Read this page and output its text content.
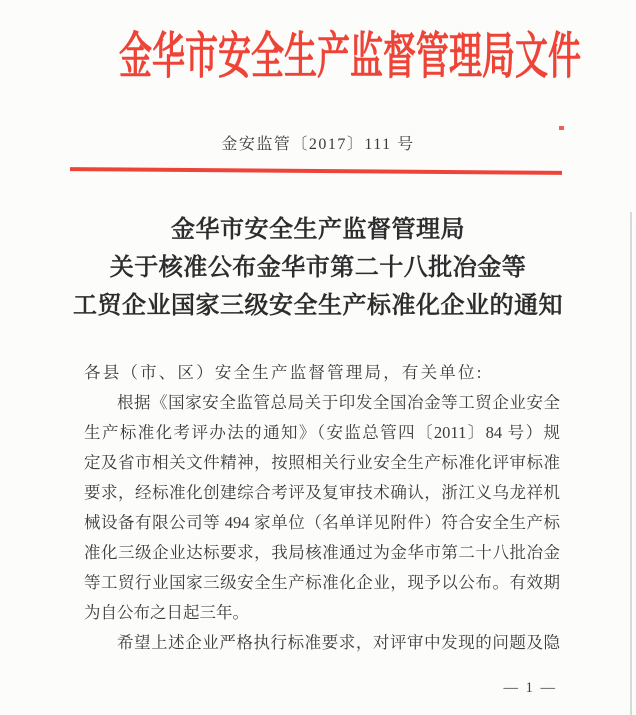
金华市安全生产监督管理局文件
金安监管〔2017〕111 号
金华市安全生产监督管理局
关于核准公布金华市第二十八批冶金等
工贸企业国家三级安全生产标准化企业的通知
各县（市、区）安全生产监督管理局，有关单位:
根据《国家安全监管总局关于印发全国冶金等工贸企业安全
生产标准化考评办法的通知》（安监总管四〔2011〕84 号）规
定及省市相关文件精神，按照相关行业安全生产标准化评审标准
要求，经标准化创建综合考评及复审技术确认，浙江义乌龙祥机
械设备有限公司等 494 家单位（名单详见附件）符合安全生产标
准化三级企业达标要求，我局核准通过为金华市第二十八批冶金
等工贸行业国家三级安全生产标准化企业，现予以公布。有效期
为自公布之日起三年。
希望上述企业严格执行标准要求，对评审中发现的问题及隐
— 1 —
